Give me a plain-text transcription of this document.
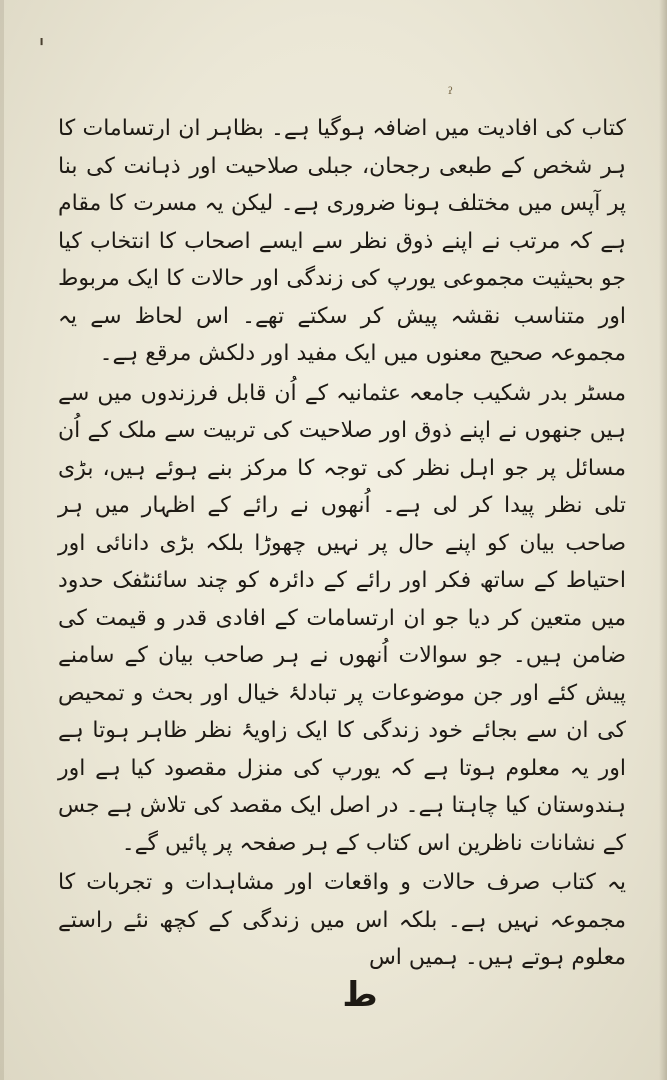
'
ˀ

کتاب کی افادیت میں اضافہ ہوگیا ہے۔ بظاہر ان ارتسامات کا ہر شخص کے طبعی رجحان، جبلی صلاحیت اور ذہانت کی بنا پر آپس میں مختلف ہونا ضروری ہے۔ لیکن یہ مسرت کا مقام ہے کہ مرتب نے اپنے ذوق نظر سے ایسے اصحاب کا انتخاب کیا جو بحیثیت مجموعی یورپ کی زندگی اور حالات کا ایک مربوط اور متناسب نقشہ پیش کر سکتے تھے۔ اس لحاظ سے یہ مجموعہ صحیح معنوں میں ایک مفید اور دلکش مرقع ہے۔

مسٹر بدر شکیب جامعہ عثمانیہ کے اُن قابل فرزندوں میں سے ہیں جنھوں نے اپنے ذوق اور صلاحیت کی تربیت سے ملک کے اُن مسائل پر جو اہل نظر کی توجہ کا مرکز بنے ہوئے ہیں، بڑی تلی نظر پیدا کر لی ہے۔ اُنھوں نے رائے کے اظہار میں ہر صاحب بیان کو اپنے حال پر نہیں چھوڑا بلکہ بڑی دانائی اور احتیاط کے ساتھ فکر اور رائے کے دائرہ کو چند سائنٹفک حدود میں متعین کر دیا جو ان ارتسامات کے افادی قدر و قیمت کی ضامن ہیں۔ جو سوالات اُنھوں نے ہر صاحب بیان کے سامنے پیش کئے اور جن موضوعات پر تبادلۂ خیال اور بحث و تمحیص کی ان سے بجائے خود زندگی کا ایک زاویۂ نظر ظاہر ہوتا ہے اور یہ معلوم ہوتا ہے کہ یورپ کی منزل مقصود کیا ہے اور ہندوستان کیا چاہتا ہے۔ در اصل ایک مقصد کی تلاش ہے جس کے نشانات ناظرین اس کتاب کے ہر صفحہ پر پائیں گے۔

یہ کتاب صرف حالات و واقعات اور مشاہدات و تجربات کا مجموعہ نہیں ہے۔ بلکہ اس میں زندگی کے کچھ نئے راستے معلوم ہوتے ہیں۔ ہمیں اس

ط
